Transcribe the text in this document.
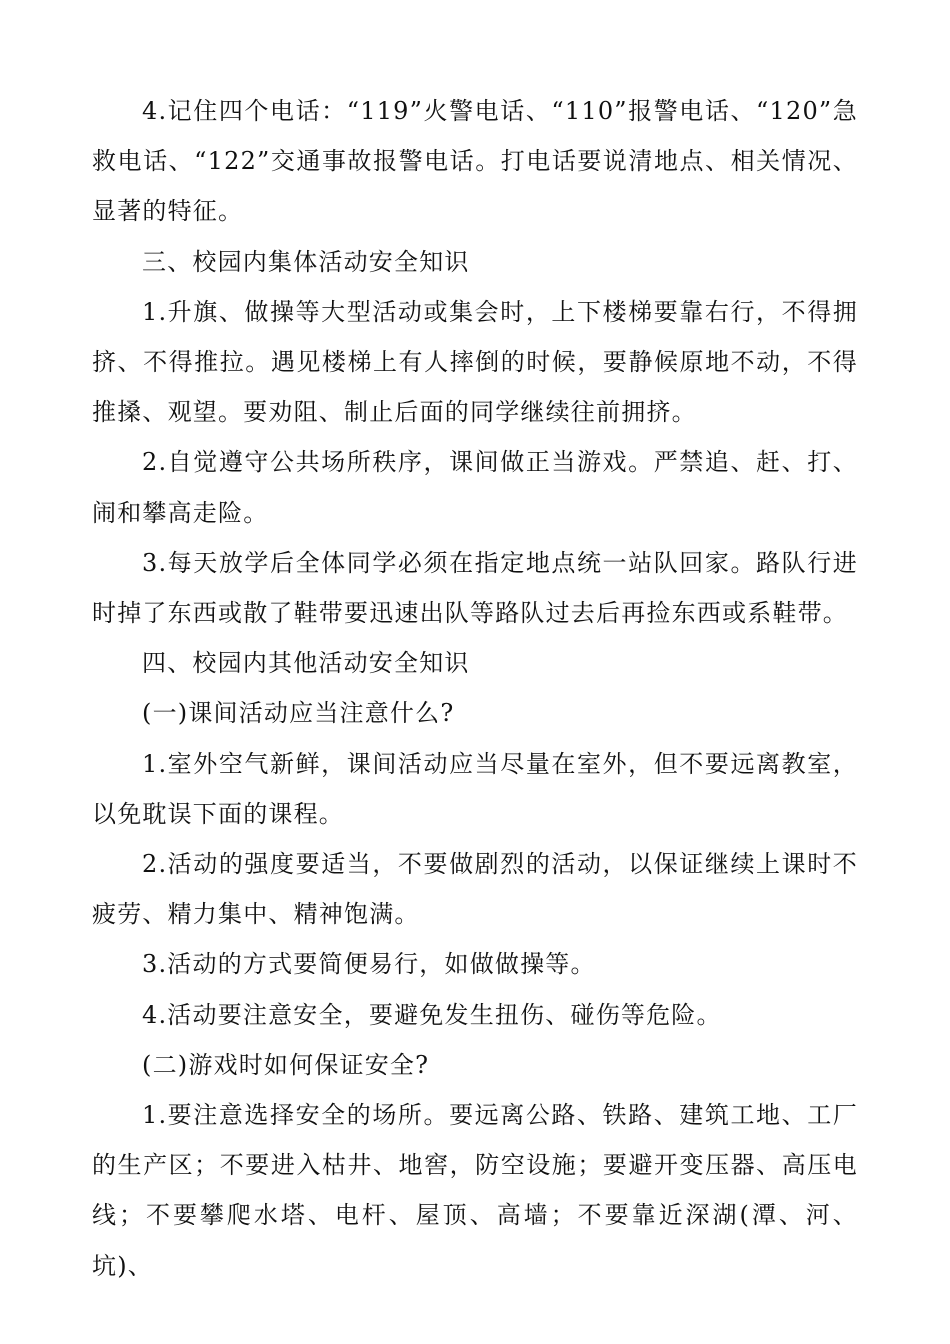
4.记住四个电话：“119”火警电话、“110”报警电话、“120”急救电话、“122”交通事故报警电话。打电话要说清地点、相关情况、显著的特征。

三、校园内集体活动安全知识

1.升旗、做操等大型活动或集会时，上下楼梯要靠右行，不得拥挤、不得推拉。遇见楼梯上有人摔倒的时候，要静候原地不动，不得推搡、观望。要劝阻、制止后面的同学继续往前拥挤。

2.自觉遵守公共场所秩序，课间做正当游戏。严禁追、赶、打、闹和攀高走险。

3.每天放学后全体同学必须在指定地点统一站队回家。路队行进时掉了东西或散了鞋带要迅速出队等路队过去后再捡东西或系鞋带。

四、校园内其他活动安全知识

(一)课间活动应当注意什么?

1.室外空气新鲜，课间活动应当尽量在室外，但不要远离教室，以免耽误下面的课程。

2.活动的强度要适当，不要做剧烈的活动，以保证继续上课时不疲劳、精力集中、精神饱满。

3.活动的方式要简便易行，如做做操等。

4.活动要注意安全，要避免发生扭伤、碰伤等危险。

(二)游戏时如何保证安全?

1.要注意选择安全的场所。要远离公路、铁路、建筑工地、工厂的生产区；不要进入枯井、地窖，防空设施；要避开变压器、高压电线；不要攀爬水塔、电杆、屋顶、高墙；不要靠近深湖(潭、河、坑)、
